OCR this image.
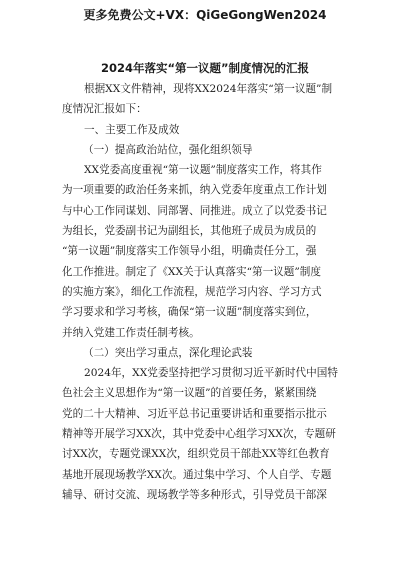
更多免费公文+VX：QiGeGongWen2024
2024年落实“第一议题”制度情况的汇报
根据XX文件精神，现将XX2024年落实“第一议题”制
度情况汇报如下：
一、主要工作及成效
（一）提高政治站位，强化组织领导
XX党委高度重视“第一议题”制度落实工作，将其作
为一项重要的政治任务来抓，纳入党委年度重点工作计划
与中心工作同谋划、同部署、同推进。成立了以党委书记
为组长，党委副书记为副组长，其他班子成员为成员的
“第一议题”制度落实工作领导小组，明确责任分工，强
化工作推进。制定了《XX关于认真落实“第一议题”制度
的实施方案》，细化工作流程，规范学习内容、学习方式
学习要求和学习考核，确保“第一议题”制度落实到位，
并纳入党建工作责任制考核。
（二）突出学习重点，深化理论武装
2024年，XX党委坚持把学习贯彻习近平新时代中国特
色社会主义思想作为“第一议题”的首要任务，紧紧围绕
党的二十大精神、习近平总书记重要讲话和重要指示批示
精神等开展学习XX次，其中党委中心组学习XX次，专题研
讨XX次，专题党课XX次，组织党员干部赴XX等红色教育
基地开展现场教学XX次。通过集中学习、个人自学、专题
辅导、研讨交流、现场教学等多种形式，引导党员干部深
